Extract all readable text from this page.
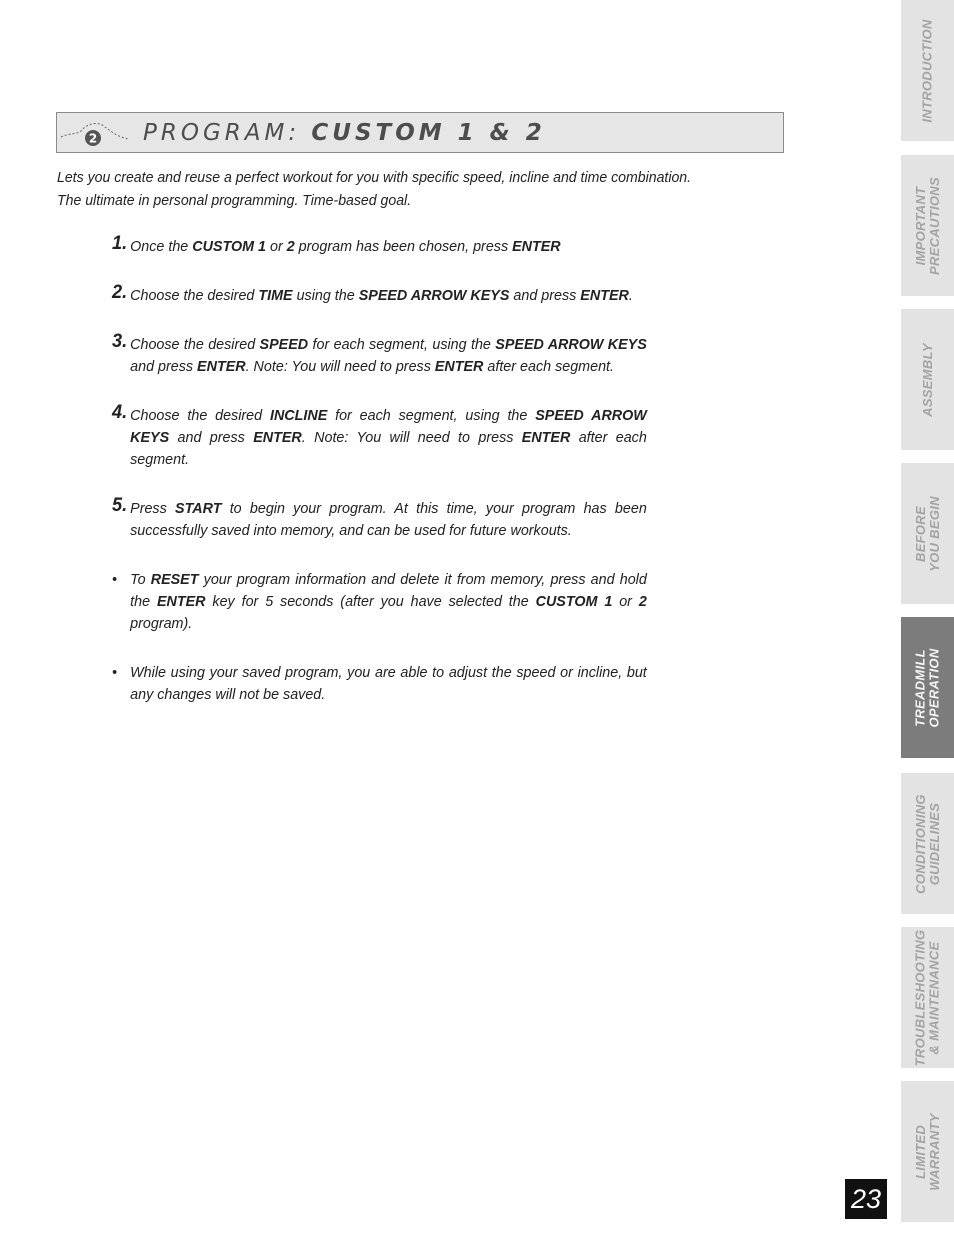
2 PROGRAM: CUSTOM 1 & 2

Lets you create and reuse a perfect workout for you with specific speed, incline and time combination.

The ultimate in personal programming. Time-based goal.

1. Once the CUSTOM 1 or 2 program has been chosen, press ENTER
2. Choose the desired TIME using the SPEED ARROW KEYS and press ENTER.
3. Choose the desired SPEED for each segment, using the SPEED ARROW KEYS and press ENTER. Note: You will need to press ENTER after each segment.
4. Choose the desired INCLINE for each segment, using the SPEED ARROW KEYS and press ENTER. Note: You will need to press ENTER after each segment.
5. Press START to begin your program. At this time, your program has been successfully saved into memory, and can be used for future workouts.
• To RESET your program information and delete it from memory, press and hold the ENTER key for 5 seconds (after you have selected the CUSTOM 1 or 2 program).
• While using your saved program, you are able to adjust the speed or incline, but any changes will not be saved.
INTRODUCTION
IMPORTANT PRECAUTIONS
ASSEMBLY
BEFORE YOU BEGIN
TREADMILL OPERATION
CONDITIONING GUIDELINES
TROUBLESHOOTING & MAINTENANCE
LIMITED WARRANTY
23
